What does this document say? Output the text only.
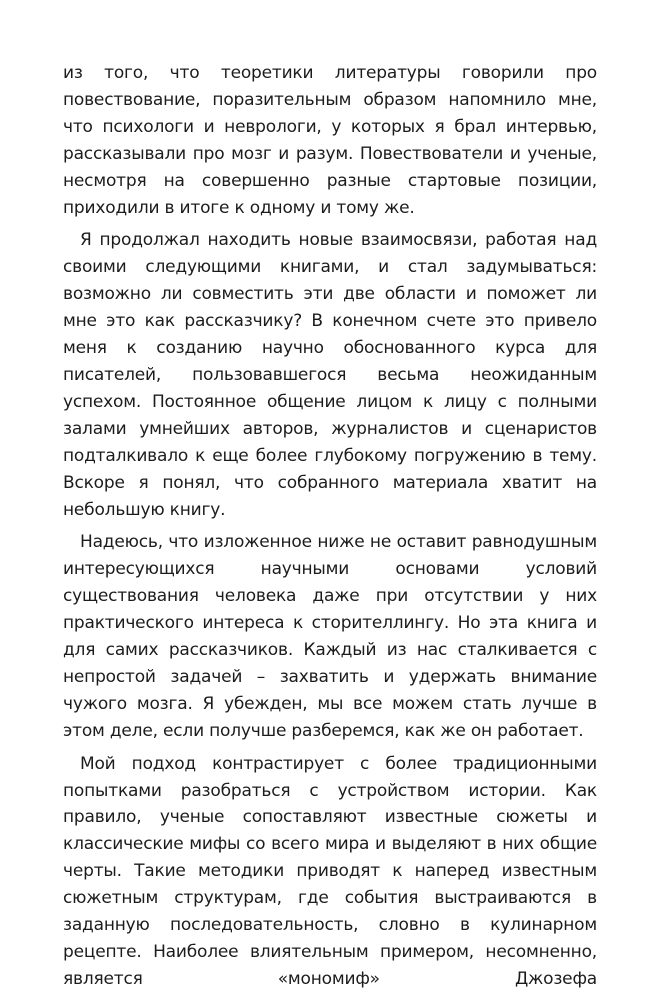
из того, что теоретики литературы говорили про повествование, поразительным образом напомнило мне, что психологи и неврологи, у которых я брал интервью, рассказывали про мозг и разум. Повествователи и ученые, несмотря на совершенно разные стартовые позиции, приходили в итоге к одному и тому же.

Я продолжал находить новые взаимосвязи, работая над своими следующими книгами, и стал задумываться: возможно ли совместить эти две области и поможет ли мне это как рассказчику? В конечном счете это привело меня к созданию научно обоснованного курса для писателей, пользовавшегося весьма неожиданным успехом. Постоянное общение лицом к лицу с полными залами умнейших авторов, журналистов и сценаристов подталкивало к еще более глубокому погружению в тему. Вскоре я понял, что собранного материала хватит на небольшую книгу.

Надеюсь, что изложенное ниже не оставит равнодушным интересующихся научными основами условий существования человека даже при отсутствии у них практического интереса к сторителлингу. Но эта книга и для самих рассказчиков. Каждый из нас сталкивается с непростой задачей – захватить и удержать внимание чужого мозга. Я убежден, мы все можем стать лучше в этом деле, если получше разберемся, как же он работает.

Мой подход контрастирует с более традиционными попытками разобраться с устройством истории. Как правило, ученые сопоставляют известные сюжеты и классические мифы со всего мира и выделяют в них общие черты. Такие методики приводят к наперед известным сюжетным структурам, где события выстраиваются в заданную последовательность, словно в кулинарном рецепте. Наиболее влиятельным примером, несомненно, является «мономиф» Джозефа
